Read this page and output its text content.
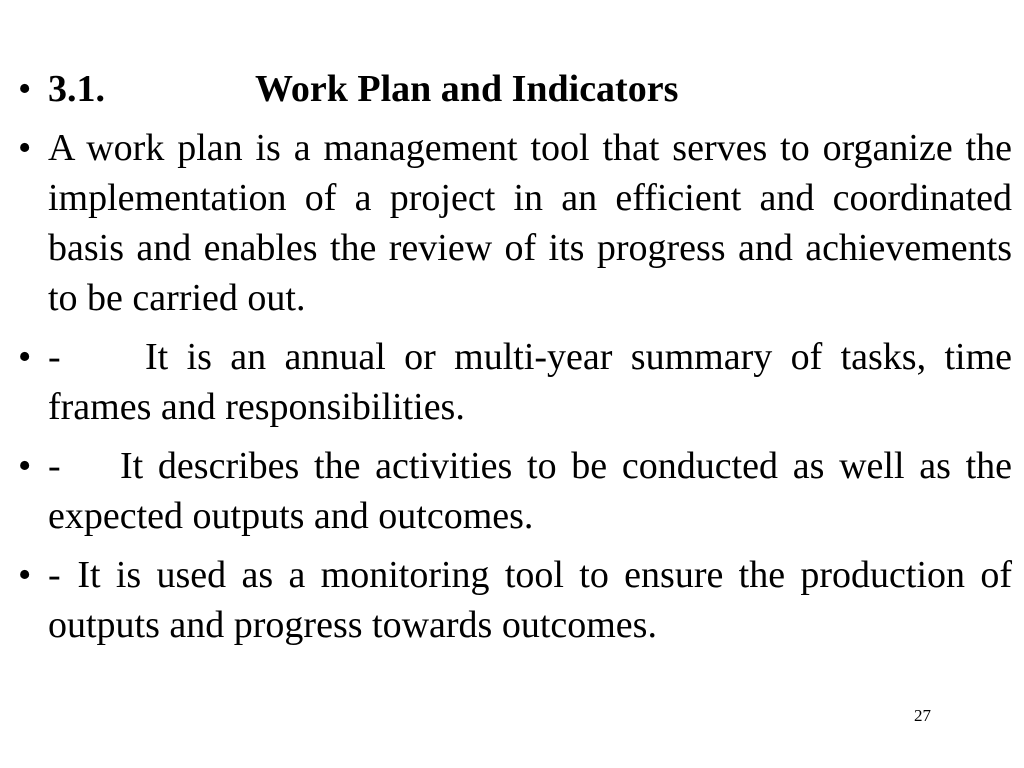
• 3.1.	Work Plan and Indicators
• A work plan is a management tool that serves to organize the implementation of a project in an efficient and coordinated basis and enables the review of its progress and achievements to be carried out.
• - It is an annual or multi-year summary of tasks, time frames and responsibilities.
• - It describes the activities to be conducted as well as the expected outputs and outcomes.
• - It is used as a monitoring tool to ensure the production of outputs and progress towards outcomes.
27
